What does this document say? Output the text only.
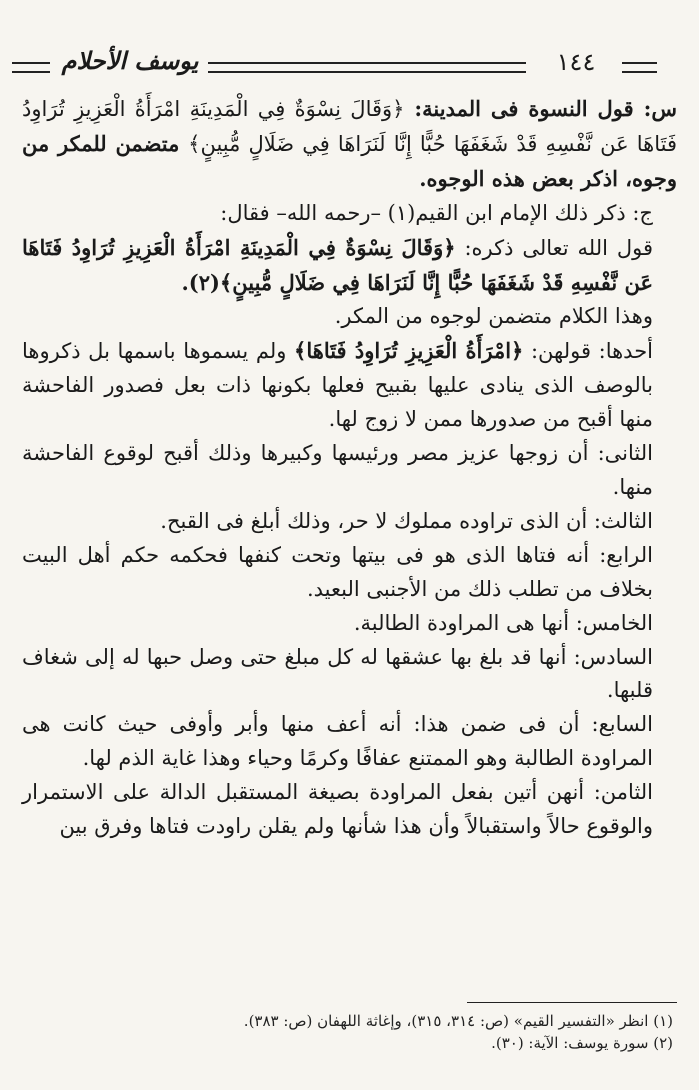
يوسف الأحلام	١٤٤

س: قول النسوة فى المدينة: ﴿وَقَالَ نِسْوَةٌ فِي الْمَدِينَةِ امْرَأَةُ الْعَزِيزِ تُرَاوِدُ فَتَاهَا عَن نَّفْسِهِ قَدْ شَغَفَهَا حُبًّا إِنَّا لَنَرَاهَا فِي ضَلَالٍ مُّبِينٍ﴾ متضمن للمكر من وجوه، اذكر بعض هذه الوجوه.

ج: ذكر ذلك الإمام ابن القيم(١) –رحمه الله– فقال:

قول الله تعالى ذكره: ﴿وَقَالَ نِسْوَةٌ فِي الْمَدِينَةِ امْرَأَةُ الْعَزِيزِ تُرَاوِدُ فَتَاهَا عَن نَّفْسِهِ قَدْ شَغَفَهَا حُبًّا إِنَّا لَنَرَاهَا فِي ضَلَالٍ مُّبِينٍ﴾(٢).

وهذا الكلام متضمن لوجوه من المكر.

أحدها: قولهن: ﴿امْرَأَةُ الْعَزِيزِ تُرَاوِدُ فَتَاهَا﴾ ولم يسموها باسمها بل ذكروها بالوصف الذى ينادى عليها بقبيح فعلها بكونها ذات بعل فصدور الفاحشة منها أقبح من صدورها ممن لا زوج لها.

الثانى: أن زوجها عزيز مصر ورئيسها وكبيرها وذلك أقبح لوقوع الفاحشة منها.

الثالث: أن الذى تراوده مملوك لا حر، وذلك أبلغ فى القبح.

الرابع: أنه فتاها الذى هو فى بيتها وتحت كنفها فحكمه حكم أهل البيت بخلاف من تطلب ذلك من الأجنبى البعيد.

الخامس: أنها هى المراودة الطالبة.

السادس: أنها قد بلغ بها عشقها له كل مبلغ حتى وصل حبها له إلى شغاف قلبها.

السابع: أن فى ضمن هذا: أنه أعف منها وأبر وأوفى حيث كانت هى المراودة الطالبة وهو الممتنع عفافًا وكرمًا وحياء وهذا غاية الذم لها.

الثامن: أنهن أتين بفعل المراودة بصيغة المستقبل الدالة على الاستمرار والوقوع حالاً واستقبالاً وأن هذا شأنها ولم يقلن راودت فتاها وفرق بين

(١) انظر «التفسير القيم» (ص: ٣١٤، ٣١٥)، وإغاثة اللهفان (ص: ٣٨٣).

(٢) سورة يوسف: الآية: (٣٠).
